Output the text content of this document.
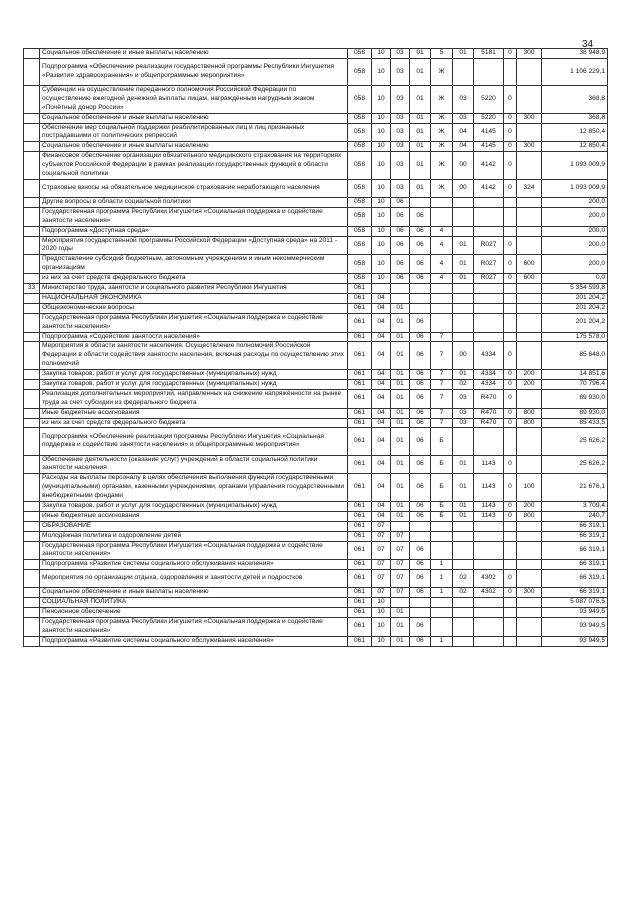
34
	Социальное обеспечение и иные выплаты населению	058	10	03	01	5	01	5181	0	300	38 948,9
	Подпрограмма «Обеспечение реализации государственной программы Республики Ингушетия «Развитие здравоохранения» и общепрограммные мероприятия»	058	10	03	01	Ж					1 106 229,1
	Субвенции на осуществление переданного полномочия Российской Федерации по осуществлению ежегодной денежной выплаты лицам, награждённым нагрудным знаком «Почётный донор России»	058	10	03	01	Ж	03	5220	0		368,8
	Социальное обеспечение и иные выплаты населению	058	10	03	01	Ж	03	5220	0	300	368,8
	Обеспечение мер социальной поддержки реабилитированных лиц и лиц признанных пострадавшими от политических репрессий	058	10	03	01	Ж	04	4145	0		12 850,4
	Социальное обеспечение и иные выплаты населению	058	10	03	01	Ж	04	4145	0	300	12 850,4
	Финансовое обеспечение организации обязательного медицинского страхования на территориях субъектов Российской Федерации в рамках реализации государственных функций в области социальной политики	058	10	03	01	Ж	00	4142	0		1 093 009,9
	Страховые взносы на обязательное медицинское страхование неработающего населения	058	10	03	01	Ж	00	4142	0	324	1 093 009,9
	Другие вопросы в области социальной политики	058	10	06							200,0
	Государственная программа Республики Ингушетия «Социальная поддержка и содействие занятости населения»	058	10	06	06						200,0
	Подпрограмма «Доступная среда»	058	10	06	06	4					200,0
	Мероприятия государственной программы Российской Федерации «Доступная среда» на 2011 - 2020 годы	058	10	06	06	4	01	R027	0		200,0
	Предоставление субсидий бюджетным, автономным учреждениям и иным некоммерческим организациям	058	10	06	06	4	01	R027	0	600	200,0
	из них за счет средств федерального бюджета	058	10	06	06	4	01	R027	0	600	0,0
33	Министерство труда, занятости и социального развития Республики Ингушетия	061									5 354 599,8
	НАЦИОНАЛЬНАЯ ЭКОНОМИКА	061	04								201 204,2
	Общеэкономические вопросы	061	04	01							201 204,2
	Государственная программа Республики Ингушетия «Социальная поддержка и содействие занятости населения»	061	04	01	06						201 204,2
	Подпрограмма «Содействие занятости населения»	061	04	01	06	7					175 578,0
	Мероприятия в области занятости населения. Осуществление полномочий Российской Федерации в области содействия занятости населения, включая расходы по осуществлению этих полномочий	061	04	01	06	7	00	4334	0		85 648,0
	Закупка товаров, работ и услуг для государственных (муниципальных) нужд	061	04	01	06	7	01	4334	0	200	14 851,6
	Закупка товаров, работ и услуг для государственных (муниципальных) нужд	061	04	01	06	7	02	4334	0	200	70 796,4
	Реализация дополнительных мероприятий, направленных на снижение напряжённости на рынке труда за счет субсидии из федерального бюджета	061	04	01	06	7	03	R470	0		89 930,0
	Иные бюджетные ассигнования	061	04	01	06	7	03	R470	0	800	89 930,0
	из них за счет средств федерального бюджета	061	04	01	06	7	03	R470	0	800	85 433,5
	Подпрограмма «Обеспечение реализации программы Республики Ингушетия «Социальная поддержка и содействие занятости населения» и общепрограммные мероприятия»	061	04	01	06	Б					25 626,2
	Обеспечение деятельности (оказание услуг) учреждений в области социальной политики занятости населения	061	04	01	06	Б	01	1143	0		25 626,2
	Расходы на выплаты персоналу в целях обеспечения выполнения функций государственными (муниципальными) органами, казенными учреждениями, органами управления государственными внебюджетными фондами	061	04	01	06	Б	01	1143	0	100	21 676,1
	Закупка товаров, работ и услуг для государственных (муниципальных) нужд	061	04	01	06	Б	01	1143	0	200	3 709,4
	Иные бюджетные ассигнования	061	04	01	06	Б	01	1143	0	800	240,7
	ОБРАЗОВАНИЕ	061	07								66 319,1
	Молодёжная политика и оздоровление детей	061	07	07							66 319,1
	Государственная программа Республики Ингушетия «Социальная поддержка и содействие занятости населения»	061	07	07	06						66 319,1
	Подпрограмма «Развитие системы социального обслуживания населения»	061	07	07	06	1					66 319,1
	Мероприятия по организации отдыха, оздоровления и занятости детей и подростков	061	07	07	06	1	02	4302	0		66 319,1
	Социальное обеспечение и иные выплаты населению	061	07	07	06	1	02	4302	0	300	66 319,1
	СОЦИАЛЬНАЯ ПОЛИТИКА	061	10								5 087 076,5
	Пенсионное обеспечение	061	10	01							93 949,5
	Государственная программа Республики Ингушетия «Социальная поддержка и содействие занятости населения»	061	10	01	06						93 949,5
	Подпрограмма «Развитие системы социального обслуживания населения»	061	10	01	06	1					93 949,5
